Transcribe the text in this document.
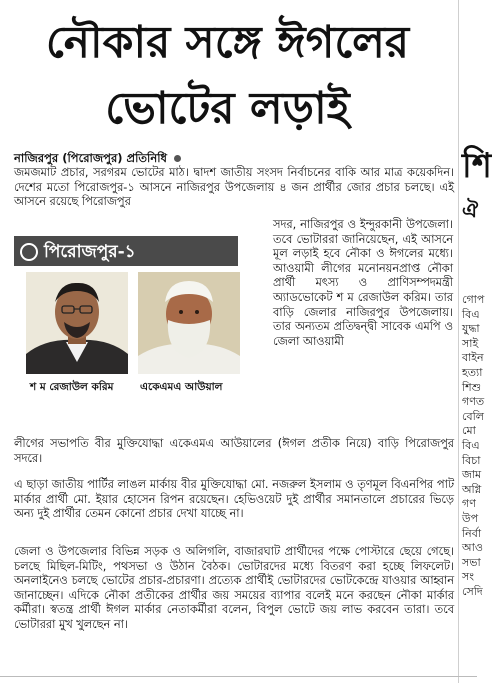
নৌকার সঙ্গে ঈগলের
ভোটের লড়াই
নাজিরপুর (পিরোজপুর) প্রতিনিধি
জমজমাট প্রচার, সরগরম ভোটের মাঠ। দ্বাদশ জাতীয় সংসদ নির্বাচনের বাকি আর মাত্র কয়েকদিন। দেশের মতো পিরোজপুর-১ আসনে নাজিরপুর উপজেলায় ৪ জন প্রার্থীর জোর প্রচার চলছে। এই আসনে রয়েছে পিরোজপুর
পিরোজপুর-১
শ ম রেজাউল করিম	একেএমএ আউয়াল
সদর, নাজিরপুর ও ইন্দুরকানী উপজেলা। তবে ভোটাররা জানিয়েছেন, এই আসনে মূল লড়াই হবে নৌকা ও ঈগলের মধ্যে। আওয়ামী লীগের মনোনয়নপ্রাপ্ত নৌকা প্রার্থী মৎস্য ও প্রাণিসম্পদমন্ত্রী অ্যাডভোকেট শ ম রেজাউল করিম। তার বাড়ি জেলার নাজিরপুর উপজেলায়। তার অন্যতম প্রতিদ্বন্দ্বী সাবেক এমপি ও জেলা আওয়ামী
লীগের সভাপতি বীর মুক্তিযোদ্ধা একেএমএ আউয়ালের (ঈগল প্রতীক নিয়ে) বাড়ি পিরোজপুর সদরে।
এ ছাড়া জাতীয় পার্টির লাঙল মার্কায় বীর মুক্তিযোদ্ধা মো. নজরুল ইসলাম ও তৃণমূল বিএনপির পাট মার্কার প্রার্থী মো. ইয়ার হোসেন রিপন রয়েছেন। হেভিওয়েট দুই প্রার্থীর সমানতালে প্রচারের ভিড়ে অন্য দুই প্রার্থীর তেমন কোনো প্রচার দেখা যাচ্ছে না।
জেলা ও উপজেলার বিভিন্ন সড়ক ও অলিগলি, বাজারঘাট প্রার্থীদের পক্ষে পোস্টারে ছেয়ে গেছে। চলছে মিছিল-মিটিং, পথসভা ও উঠান বৈঠক। ভোটারদের মধ্যে বিতরণ করা হচ্ছে লিফলেট। অনলাইনেও চলছে ভোটের প্রচার-প্রচারণা। প্রত্যেক প্রার্থীই ভোটারদের ভোটকেন্দ্রে যাওয়ার আহ্বান জানাচ্ছেন। এদিকে নৌকা প্রতীকের প্রার্থীর জয় সময়ের ব্যাপার বলেই মনে করছেন নৌকা মার্কার কর্মীরা। স্বতন্ত্র প্রার্থী ঈগল মার্কার নেতাকর্মীরা বলেন, বিপুল ভোটে জয় লাভ করবেন তারা। তবে ভোটাররা মুখ খুলছেন না।
শি
ঐ
গোপ
বিএ
যুদ্ধা
সাই
বাইন
হত্যা
শিশু
গণত
বেলি
মো
বিএ
বিচা
জাম
অগ্নি
গণ
উপ
নির্বা
আও
সভা
সং
সেদি
